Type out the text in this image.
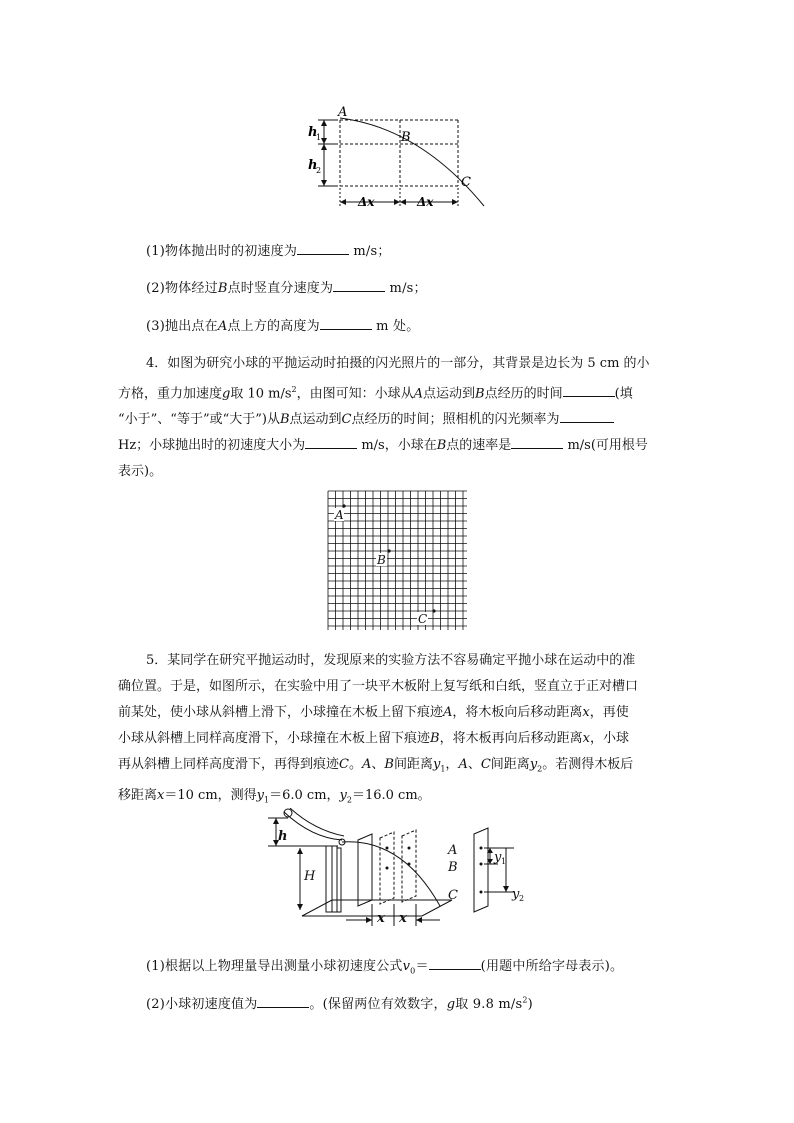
A
B
C
h
1
h
2
Δx	Δx
(1)物体抛出时的初速度为	m/s；
(2)物体经过B点时竖直分速度为	m/s；
(3)抛出点在A点上方的高度为	m 处。
4．如图为研究小球的平抛运动时拍摄的闪光照片的一部分，其背景是边长为 5 cm 的小
方格，重力加速度g取 10 $m/s^2$，由图可知：小球从A点运动到B点经历的时间	(填
“小于”、“等于”或“大于”)从B点运动到C点经历的时间；照相机的闪光频率为
Hz；小球抛出时的初速度大小为	m/s，小球在B点的速率是	m/s(可用根号
表示)。
A
B
C
5．某同学在研究平抛运动时，发现原来的实验方法不容易确定平抛小球在运动中的准
确位置。于是，如图所示，在实验中用了一块平木板附上复写纸和白纸，竖直立于正对槽口
前某处，使小球从斜槽上滑下，小球撞在木板上留下痕迹A，将木板向后移动距离x，再使
小球从斜槽上同样高度滑下，小球撞在木板上留下痕迹B，将木板再向后移动距离x，小球
再从斜槽上同样高度滑下，再得到痕迹C。A、B间距离$y_1$，A、C间距离$y_2$。若测得木板后
移距离x＝10 cm，测得$y_1=6.0$ cm，$y_2=16.0$ cm。
h
H
A
B
C
x x
y
y
1
2
(1)根据以上物理量导出测量小球初速度公式$v_0=$	(用题中所给字母表示)。
(2)小球初速度值为	。(保留两位有效数字，g取 9.8 $m/s^2$)
